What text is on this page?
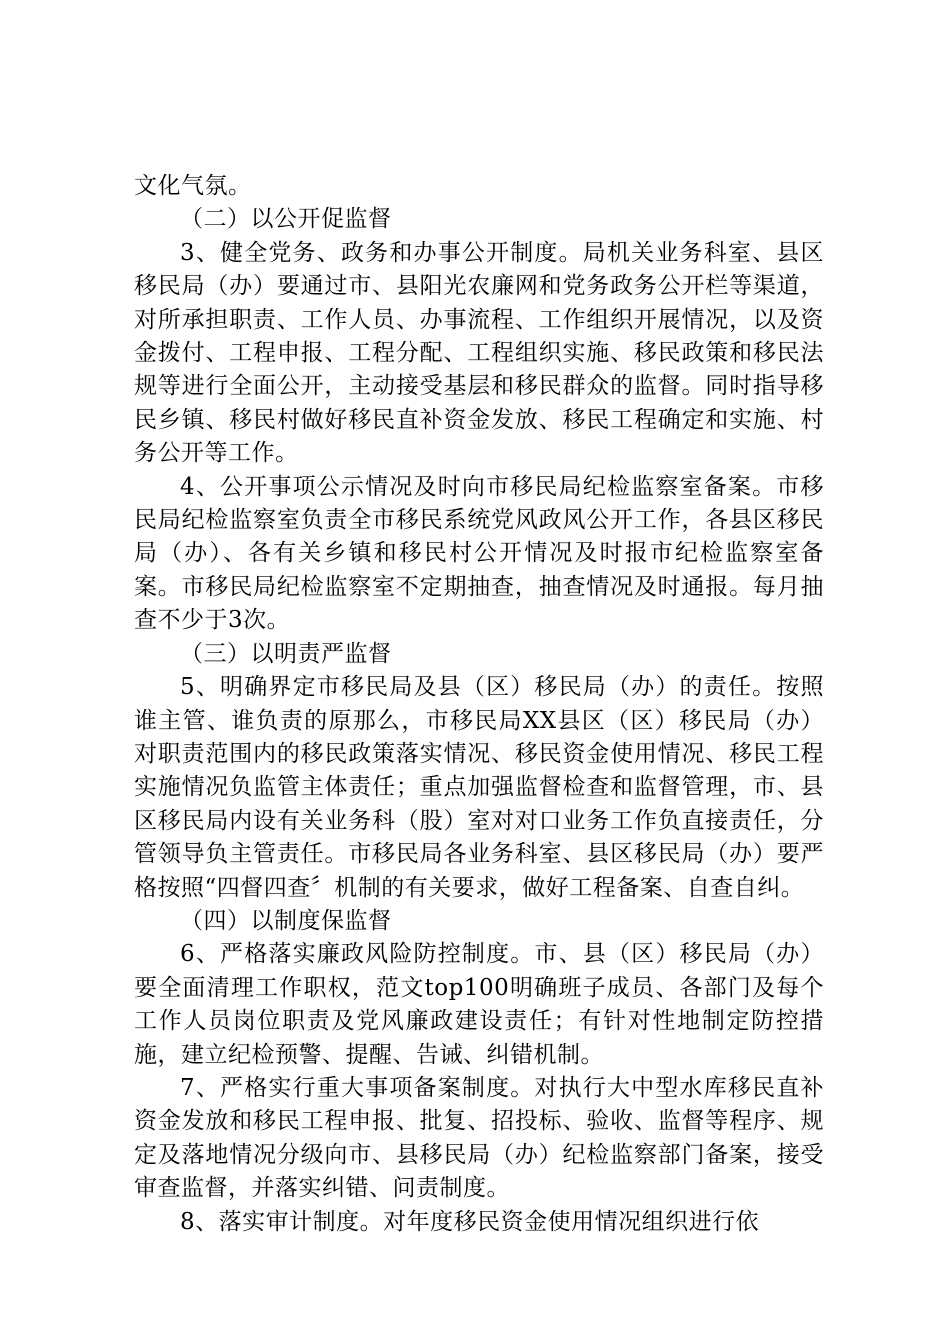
文化气氛。

（二）以公开促监督

3、健全党务、政务和办事公开制度。局机关业务科室、县区移民局（办）要通过市、县阳光农廉网和党务政务公开栏等渠道，对所承担职责、工作人员、办事流程、工作组织开展情况，以及资金拨付、工程申报、工程分配、工程组织实施、移民政策和移民法规等进行全面公开，主动接受基层和移民群众的监督。同时指导移民乡镇、移民村做好移民直补资金发放、移民工程确定和实施、村务公开等工作。

4、公开事项公示情况及时向市移民局纪检监察室备案。市移民局纪检监察室负责全市移民系统党风政风公开工作，各县区移民局（办）、各有关乡镇和移民村公开情况及时报市纪检监察室备案。市移民局纪检监察室不定期抽查，抽查情况及时通报。每月抽查不少于3次。

（三）以明责严监督

5、明确界定市移民局及县（区）移民局（办）的责任。按照谁主管、谁负责的原那么，市移民局XX县区（区）移民局（办）对职责范围内的移民政策落实情况、移民资金使用情况、移民工程实施情况负监管主体责任；重点加强监督检查和监督管理，市、县区移民局内设有关业务科（股）室对对口业务工作负直接责任，分管领导负主管责任。市移民局各业务科室、县区移民局（办）要严格按照“四督四查〞机制的有关要求，做好工程备案、自查自纠。

（四）以制度保监督

6、严格落实廉政风险防控制度。市、县（区）移民局（办）要全面清理工作职权，范文top100明确班子成员、各部门及每个工作人员岗位职责及党风廉政建设责任；有针对性地制定防控措施，建立纪检预警、提醒、告诫、纠错机制。

7、严格实行重大事项备案制度。对执行大中型水库移民直补资金发放和移民工程申报、批复、招投标、验收、监督等程序、规定及落地情况分级向市、县移民局（办）纪检监察部门备案，接受审查监督，并落实纠错、问责制度。

8、落实审计制度。对年度移民资金使用情况组织进行依
